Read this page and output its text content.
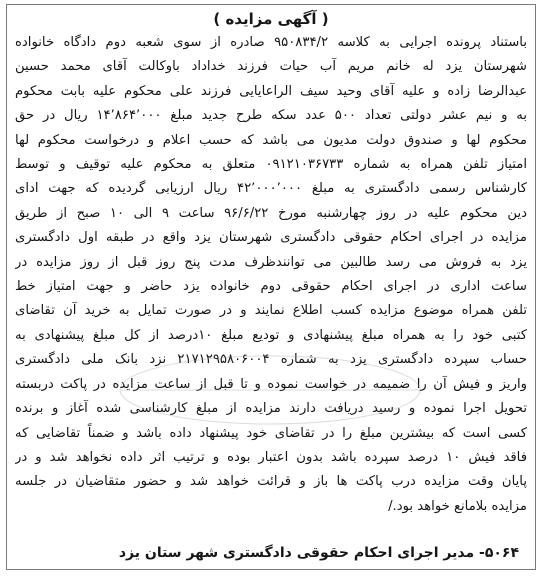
( آگهی مزایده )
باستناد پرونده اجرایی به کلاسه ۹۵۰۸۳۴/۲ صادره از سوی شعبه دوم دادگاه خانواده
شهرستان یزد له خانم مریم آب حیات فرزند خداداد باوکالت آقای محمد حسین
عبدالرضا زاده و علیه آقای وحید سیف الراعایایی فرزند علی محکوم علیه بابت محکوم
به و نیم عشر دولتی تعداد ۵۰۰ عدد سکه طرح جدید مبلغ ۱۴٬۸۶۴٬۰۰۰ ریال در حق
محکوم لها و صندوق دولت مدیون می باشد که حسب اعلام و درخواست محکوم لها
امتیاز تلفن همراه به شماره ۰۹۱۲۱۰۳۶۷۳۳ متعلق به محکوم علیه توقیف و توسط
کارشناس رسمی دادگستری به مبلغ ۴۲٬۰۰۰٬۰۰۰ ریال ارزیابی گردیده که جهت ادای
دین محکوم علیه در روز چهارشنبه مورخ ۹۶/۶/۲۲ ساعت ۹ الی ۱۰ صبح از طریق
مزایده در اجرای احکام حقوقی دادگستری شهرستان یزد واقع در طبقه اول دادگستری
یزد به فروش می رسد طالبین می توانندظرف مدت پنج روز قبل از روز مزایده در
ساعت اداری در اجرای احکام حقوقی دوم خانواده یزد حاضر و جهت امتیاز خط
تلفن همراه موضوع مزایده کسب اطلاع نمایند و در صورت تمایل به خرید آن تقاضای
کتبی خود را به همراه مبلغ پیشنهادی و تودیع مبلغ ۱۰درصد از کل مبلغ پیشنهادی به
حساب سپرده دادگستری یزد به شماره ۲۱۷۱۲۹۵۸۰۶۰۰۴ نزد بانک ملی دادگستری
واریز و فیش آن را ضمیمه در خواست نموده و تا قبل از ساعت مزایده در پاکت دربسته
تحویل اجرا نموده و رسید دریافت دارند مزایده از مبلغ کارشناسی شده آغاز و برنده
کسی است که بیشترین مبلغ را در تقاضای خود پیشنهاد داده باشد و ضمناً تقاضایی که
فاقد فیش ۱۰ درصد سپرده باشد بدون اعتبار بوده و ترتیب اثر داده نخواهد شد و در
پایان وقت مزایده درب پاکت ها باز و قرائت خواهد شد و حضور متقاضیان در جلسه
مزایده بلامانع خواهد بود./
۵۰۶۴- مدیر اجرای احکام حقوقی دادگستری شهر ستان یزد
